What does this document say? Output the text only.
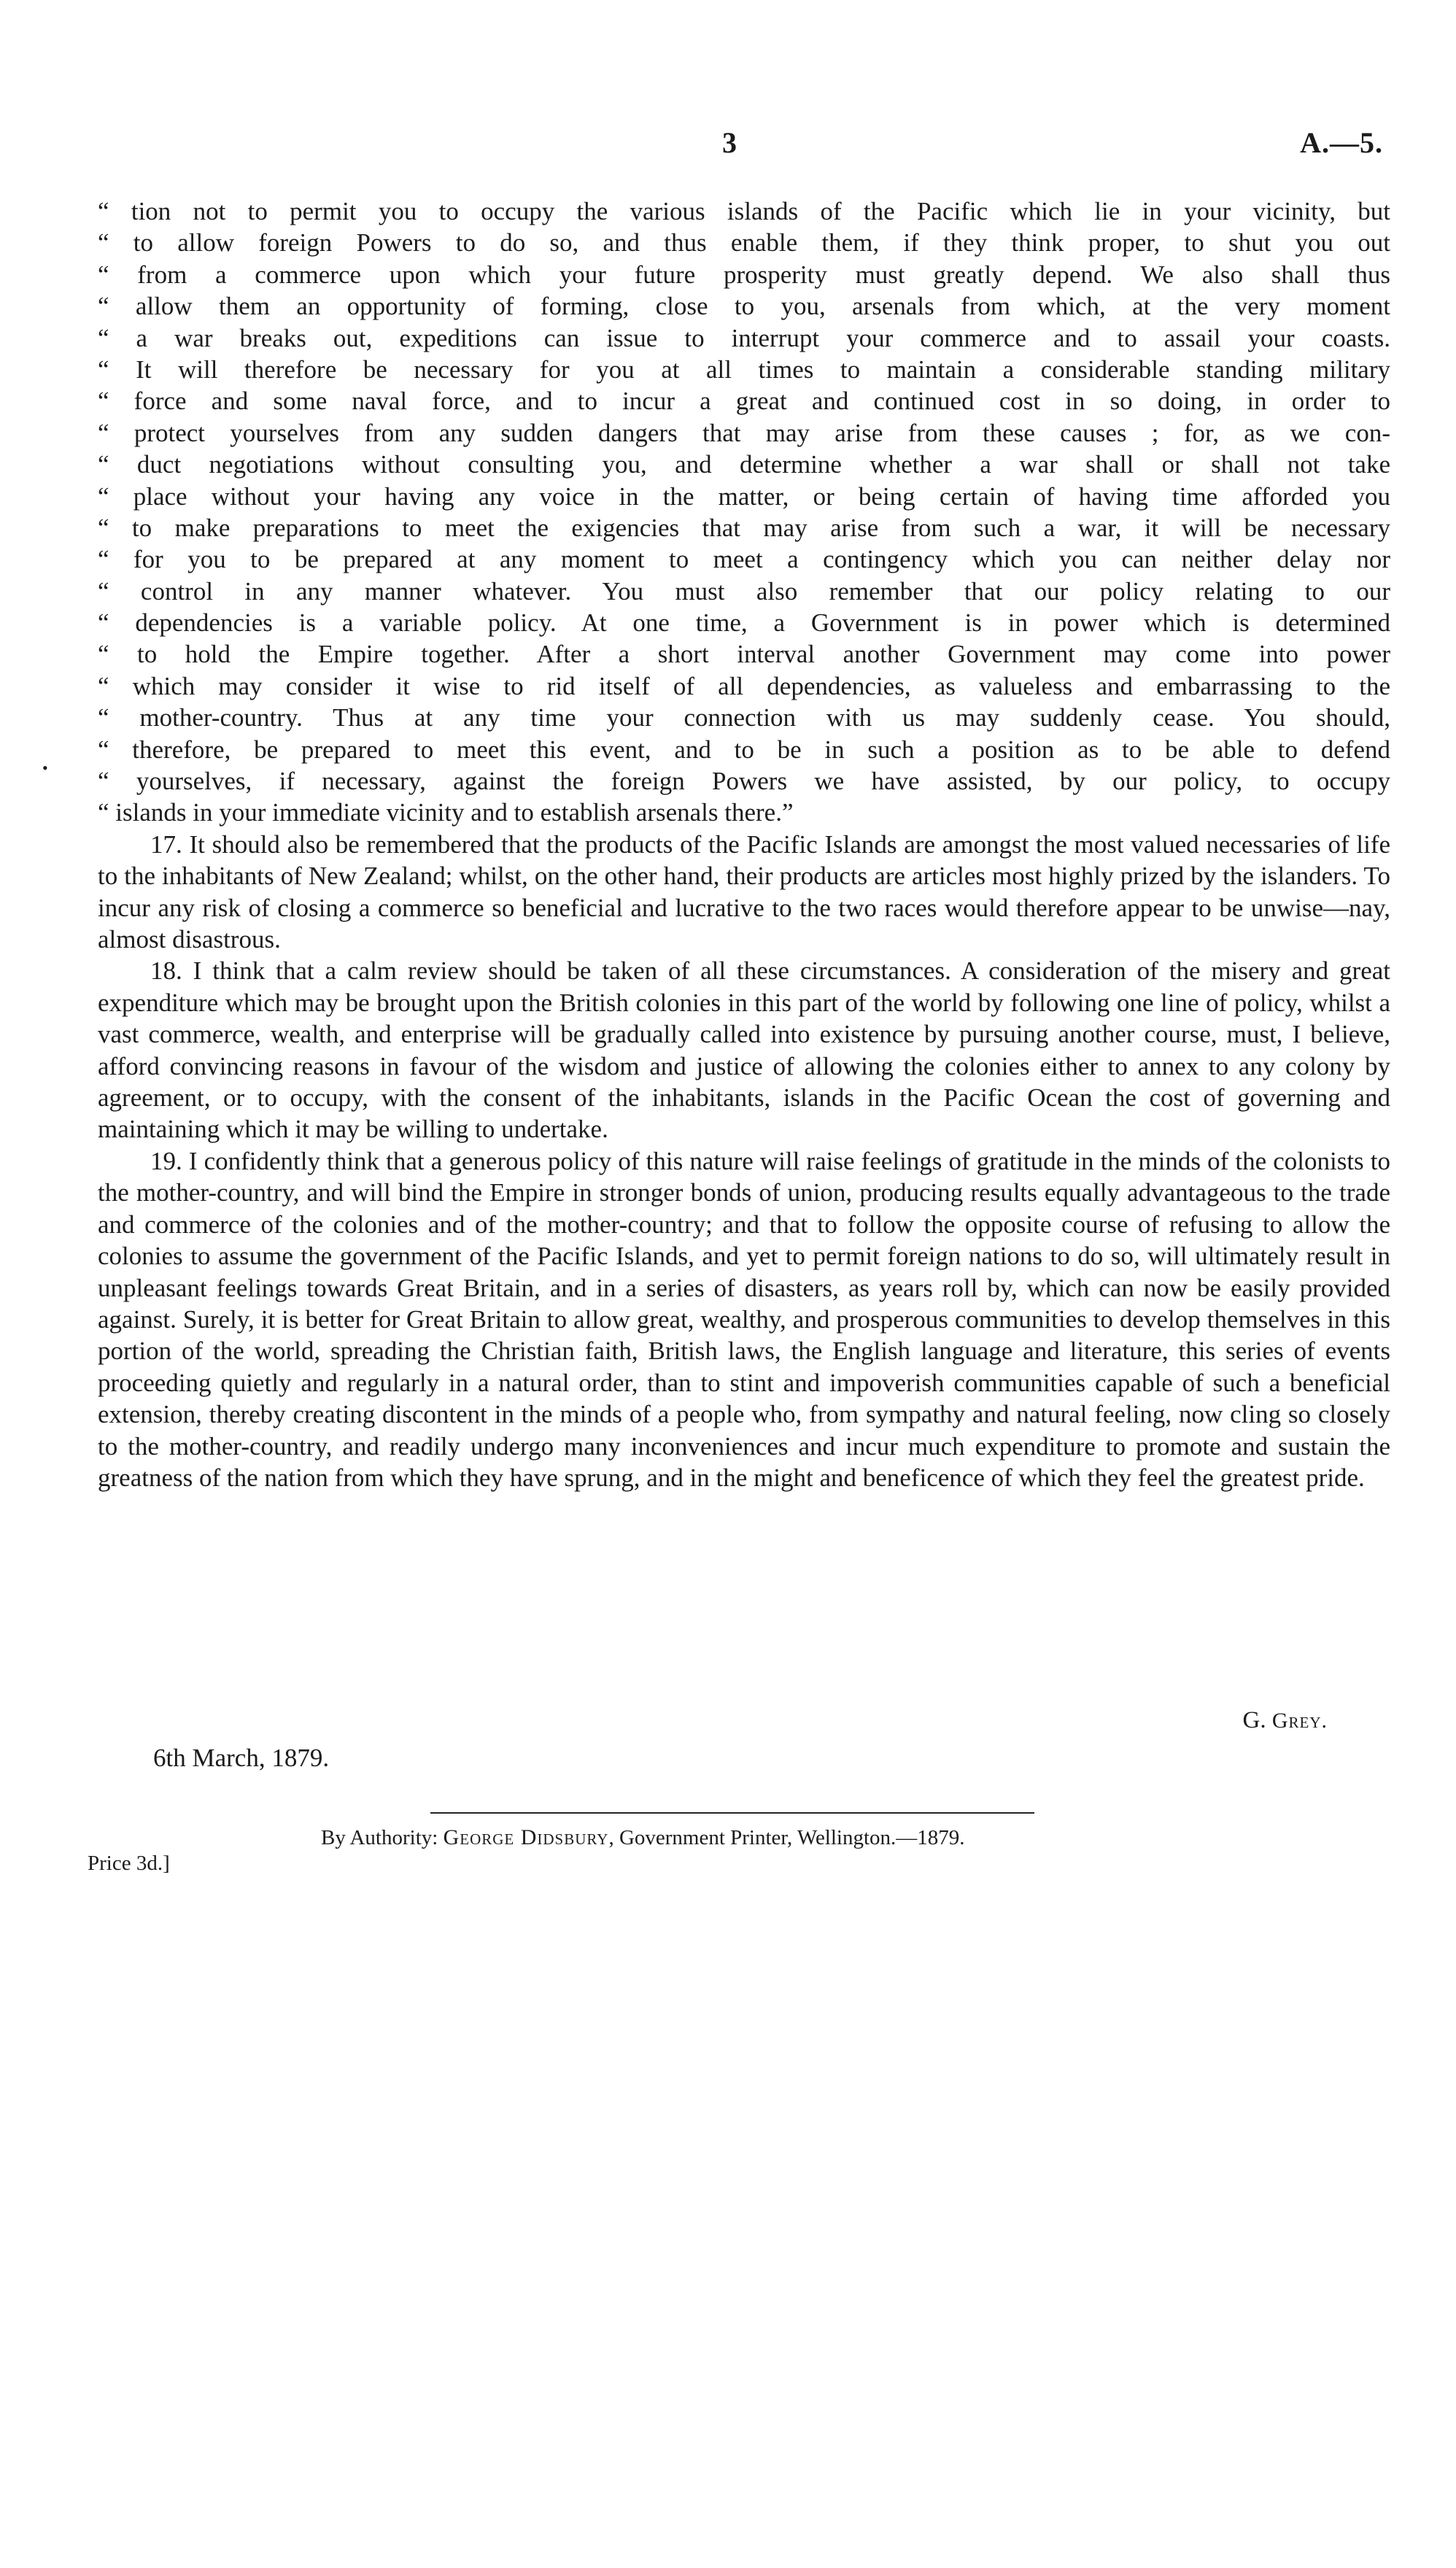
3	A.—5.
•
“ tion not to permit you to occupy the various islands of the Pacific which lie in your vicinity, but
“ to allow foreign Powers to do so, and thus enable them, if they think proper, to shut you out
“ from a commerce upon which your future prosperity must greatly depend. We also shall thus
“ allow them an opportunity of forming, close to you, arsenals from which, at the very moment
“ a war breaks out, expeditions can issue to interrupt your commerce and to assail your coasts.
“ It will therefore be necessary for you at all times to maintain a considerable standing military
“ force and some naval force, and to incur a great and continued cost in so doing, in order to
“ protect yourselves from any sudden dangers that may arise from these causes ; for, as we con-
“ duct negotiations without consulting you, and determine whether a war shall or shall not take
“ place without your having any voice in the matter, or being certain of having time afforded you
“ to make preparations to meet the exigencies that may arise from such a war, it will be necessary
“ for you to be prepared at any moment to meet a contingency which you can neither delay nor
“ control in any manner whatever. You must also remember that our policy relating to our
“ dependencies is a variable policy. At one time, a Government is in power which is determined
“ to hold the Empire together. After a short interval another Government may come into power
“ which may consider it wise to rid itself of all dependencies, as valueless and embarrassing to the
“ mother-country. Thus at any time your connection with us may suddenly cease. You should,
“ therefore, be prepared to meet this event, and to be in such a position as to be able to defend
“ yourselves, if necessary, against the foreign Powers we have assisted, by our policy, to occupy
“ islands in your immediate vicinity and to establish arsenals there.”

17. It should also be remembered that the products of the Pacific Islands are amongst the most valued necessaries of life to the inhabitants of New Zealand; whilst, on the other hand, their products are articles most highly prized by the islanders. To incur any risk of closing a commerce so beneficial and lucrative to the two races would therefore appear to be unwise—nay, almost disastrous.

18. I think that a calm review should be taken of all these circumstances. A consideration of the misery and great expenditure which may be brought upon the British colonies in this part of the world by following one line of policy, whilst a vast commerce, wealth, and enterprise will be gradually called into existence by pursuing another course, must, I believe, afford convincing reasons in favour of the wisdom and justice of allowing the colonies either to annex to any colony by agreement, or to occupy, with the consent of the inhabitants, islands in the Pacific Ocean the cost of governing and maintaining which it may be willing to undertake.

19. I confidently think that a generous policy of this nature will raise feelings of gratitude in the minds of the colonists to the mother-country, and will bind the Empire in stronger bonds of union, producing results equally advantageous to the trade and commerce of the colonies and of the mother-country; and that to follow the opposite course of refusing to allow the colonies to assume the government of the Pacific Islands, and yet to permit foreign nations to do so, will ultimately result in unpleasant feelings towards Great Britain, and in a series of disasters, as years roll by, which can now be easily provided against. Surely, it is better for Great Britain to allow great, wealthy, and prosperous communities to develop themselves in this portion of the world, spreading the Christian faith, British laws, the English language and literature, this series of events proceeding quietly and regularly in a natural order, than to stint and impoverish communities capable of such a beneficial extension, thereby creating discontent in the minds of a people who, from sympathy and natural feeling, now cling so closely to the mother-country, and readily undergo many inconveniences and incur much expenditure to promote and sustain the greatness of the nation from which they have sprung, and in the might and beneficence of which they feel the greatest pride.

G. Grey.
6th March, 1879.
By Authority: George Didsbury, Government Printer, Wellington.—1879.
Price 3d.]
